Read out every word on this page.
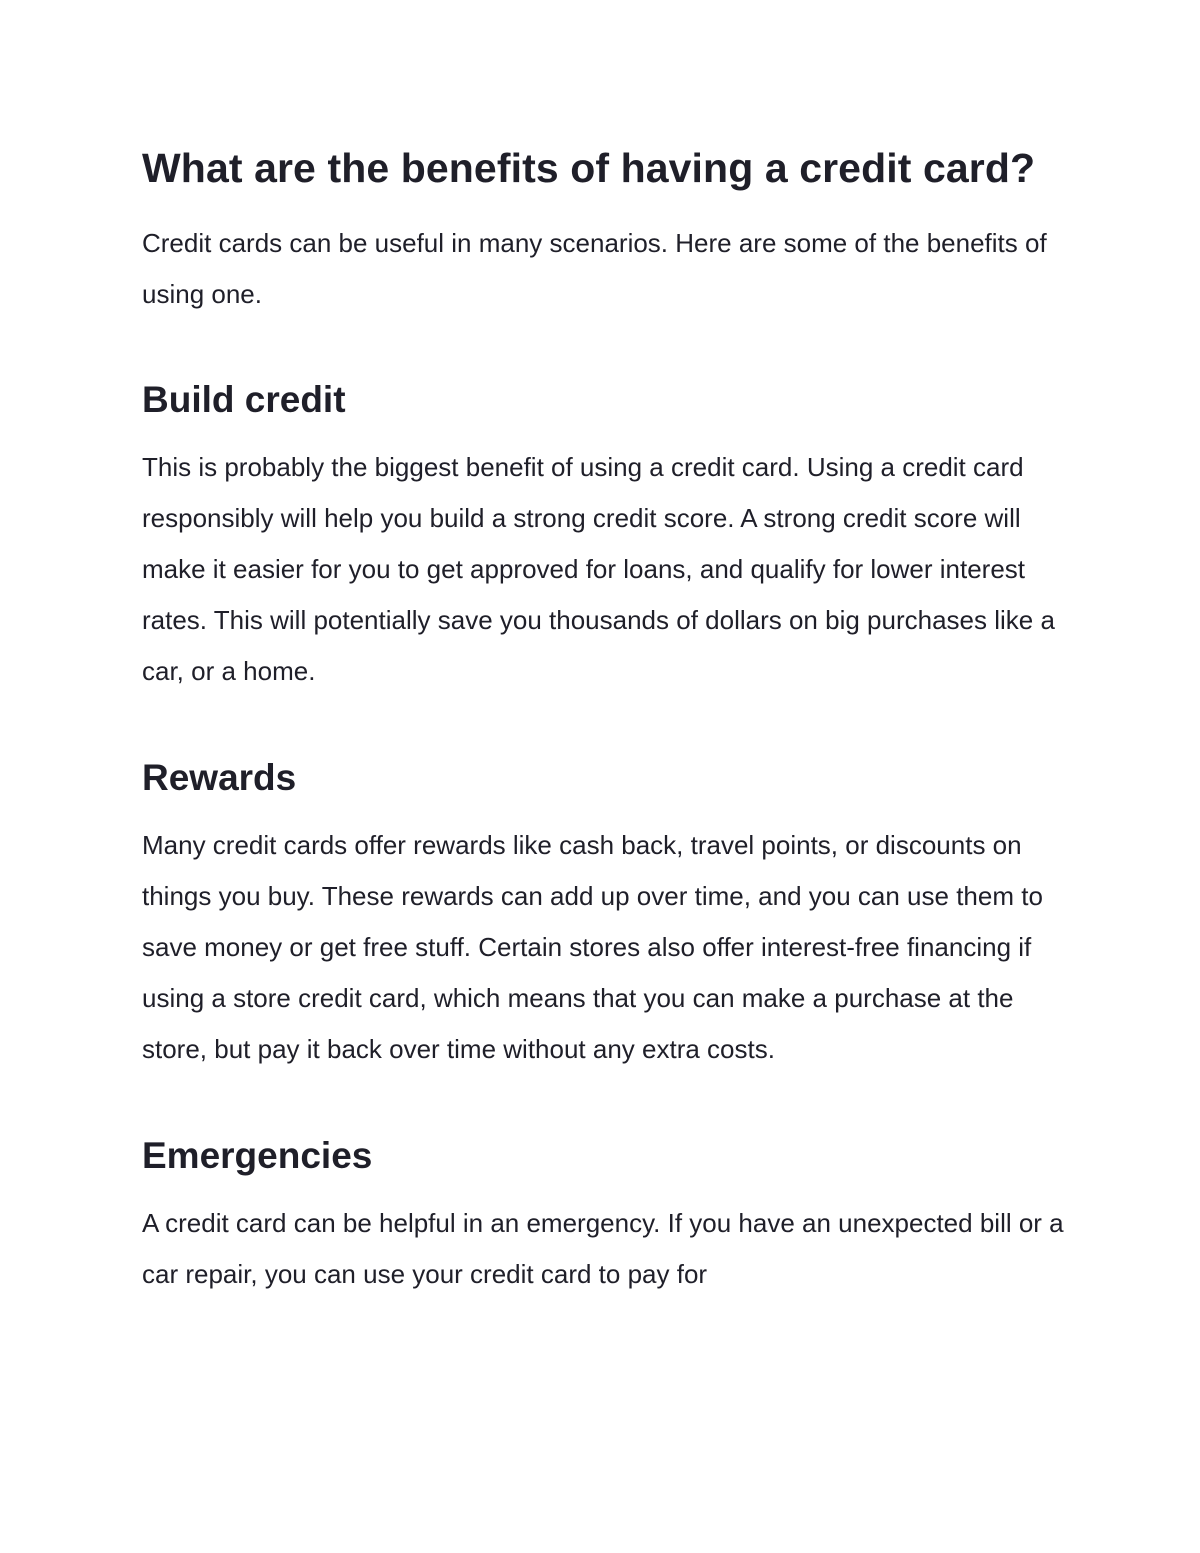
What are the benefits of having a credit card?

Credit cards can be useful in many scenarios. Here are some of the benefits of using one.

Build credit

This is probably the biggest benefit of using a credit card. Using a credit card responsibly will help you build a strong credit score. A strong credit score will make it easier for you to get approved for loans, and qualify for lower interest rates. This will potentially save you thousands of dollars on big purchases like a car, or a home.

Rewards

Many credit cards offer rewards like cash back, travel points, or discounts on things you buy. These rewards can add up over time, and you can use them to save money or get free stuff. Certain stores also offer interest-free financing if using a store credit card, which means that you can make a purchase at the store, but pay it back over time without any extra costs.

Emergencies

A credit card can be helpful in an emergency. If you have an unexpected bill or a car repair, you can use your credit card to pay for
